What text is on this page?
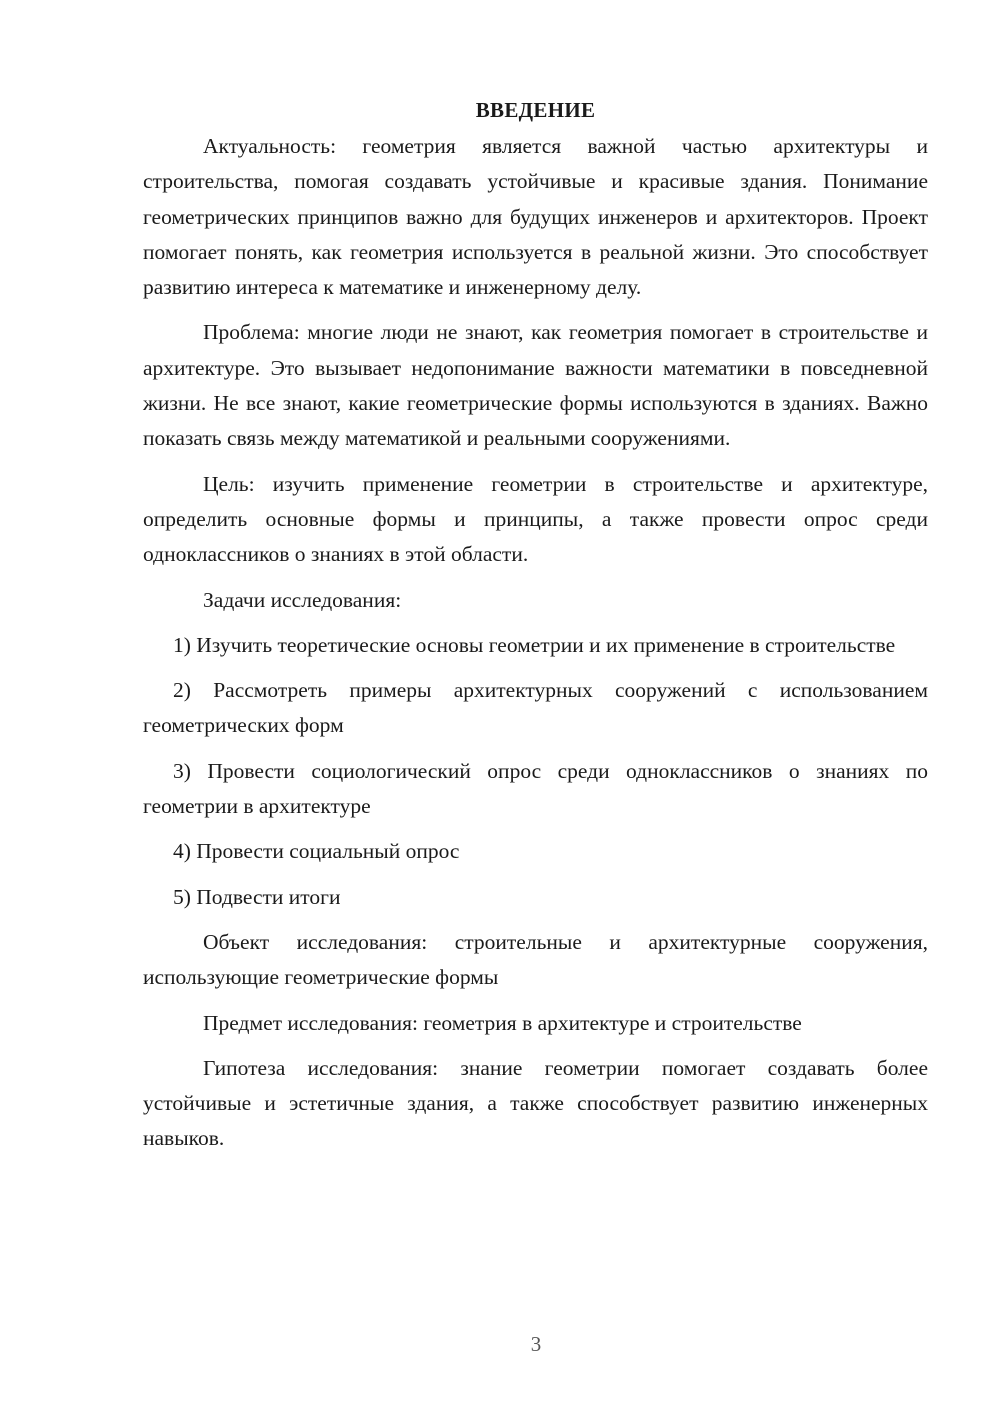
ВВЕДЕНИЕ

Актуальность: геометрия является важной частью архитектуры и строительства, помогая создавать устойчивые и красивые здания. Понимание геометрических принципов важно для будущих инженеров и архитекторов. Проект помогает понять, как геометрия используется в реальной жизни. Это способствует развитию интереса к математике и инженерному делу.

Проблема: многие люди не знают, как геометрия помогает в строительстве и архитектуре. Это вызывает недопонимание важности математики в повседневной жизни. Не все знают, какие геометрические формы используются в зданиях. Важно показать связь между математикой и реальными сооружениями.

Цель: изучить применение геометрии в строительстве и архитектуре, определить основные формы и принципы, а также провести опрос среди одноклассников о знаниях в этой области.

Задачи исследования:

1) Изучить теоретические основы геометрии и их применение в строительстве

2) Рассмотреть примеры архитектурных сооружений с использованием геометрических форм

3) Провести социологический опрос среди одноклассников о знаниях по геометрии в архитектуре

4) Провести социальный опрос

5) Подвести итоги

Объект исследования: строительные и архитектурные сооружения, использующие геометрические формы

Предмет исследования: геометрия в архитектуре и строительстве

Гипотеза исследования: знание геометрии помогает создавать более устойчивые и эстетичные здания, а также способствует развитию инженерных навыков.

3
